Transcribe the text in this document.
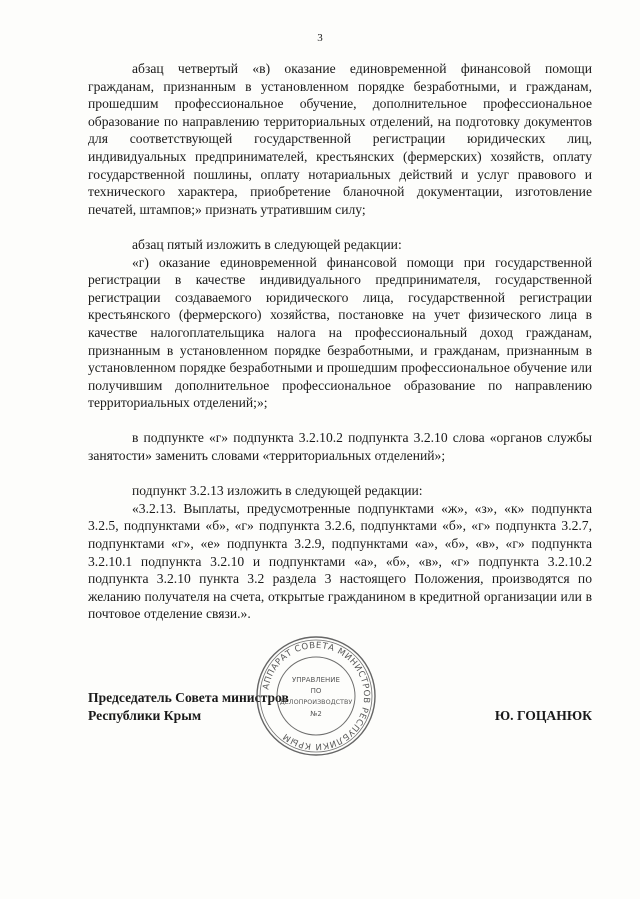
3

абзац четвертый «в) оказание единовременной финансовой помощи гражданам, признанным в установленном порядке безработными, и гражданам, прошедшим профессиональное обучение, дополнительное профессиональное образование по направлению территориальных отделений, на подготовку документов для соответствующей государственной регистрации юридических лиц, индивидуальных предпринимателей, крестьянских (фермерских) хозяйств, оплату государственной пошлины, оплату нотариальных действий и услуг правового и технического характера, приобретение бланочной документации, изготовление печатей, штампов;» признать утратившим силу;

абзац пятый изложить в следующей редакции:

«г) оказание единовременной финансовой помощи при государственной регистрации в качестве индивидуального предпринимателя, государственной регистрации создаваемого юридического лица, государственной регистрации крестьянского (фермерского) хозяйства, постановке на учет физического лица в качестве налогоплательщика налога на профессиональный доход гражданам, признанным в установленном порядке безработными, и гражданам, признанным в установленном порядке безработными и прошедшим профессиональное обучение или получившим дополнительное профессиональное образование по направлению территориальных отделений;»;

в подпункте «г» подпункта 3.2.10.2 подпункта 3.2.10 слова «органов службы занятости» заменить словами «территориальных отделений»;

подпункт 3.2.13 изложить в следующей редакции:

«3.2.13. Выплаты, предусмотренные подпунктами «ж», «з», «к» подпункта 3.2.5, подпунктами «б», «г» подпункта 3.2.6, подпунктами «б», «г» подпункта 3.2.7, подпунктами «г», «е» подпункта 3.2.9, подпунктами «а», «б», «в», «г» подпункта 3.2.10.1 подпункта 3.2.10 и подпунктами «а», «б», «в», «г» подпункта 3.2.10.2 подпункта 3.2.10 пункта 3.2 раздела 3 настоящего Положения, производятся по желанию получателя на счета, открытые гражданином в кредитной организации или в почтовое отделение связи.».

Председатель Совета министров
Республики Крым	Ю. ГОЦАНЮК
АППАРАТ СОВЕТА МИНИСТРОВ РЕСПУБЛИКИ КРЫМ
УПРАВЛЕНИЕ
ПО
ДЕЛОПРОИЗВОДСТВУ
№2
